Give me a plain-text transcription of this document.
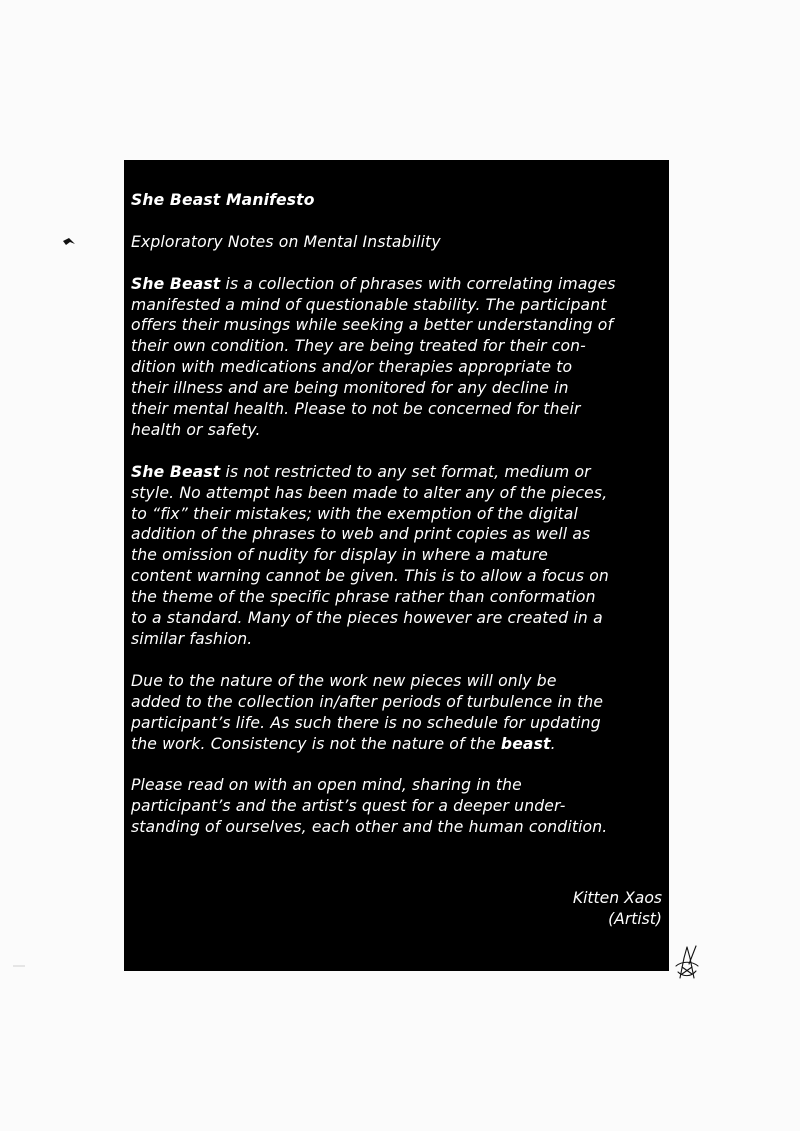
She Beast Manifesto
Exploratory Notes on Mental Instability
She Beast is a collection of phrases with correlating images
manifested a mind of questionable stability. The participant
offers their musings while seeking a better understanding of
their own condition. They are being treated for their con-
dition with medications and/or therapies appropriate to
their illness and are being monitored for any decline in
their mental health. Please to not be concerned for their
health or safety.
She Beast is not restricted to any set format, medium or
style. No attempt has been made to alter any of the pieces,
to “fix” their mistakes; with the exemption of the digital
addition of the phrases to web and print copies as well as
the omission of nudity for display in where a mature
content warning cannot be given. This is to allow a focus on
the theme of the specific phrase rather than conformation
to a standard. Many of the pieces however are created in a
similar fashion.
Due to the nature of the work new pieces will only be
added to the collection in/after periods of turbulence in the
participant’s life. As such there is no schedule for updating
the work. Consistency is not the nature of the beast.
Please read on with an open mind, sharing in the
participant’s and the artist’s quest for a deeper under-
standing of ourselves, each other and the human condition.
Kitten Xaos
(Artist)
